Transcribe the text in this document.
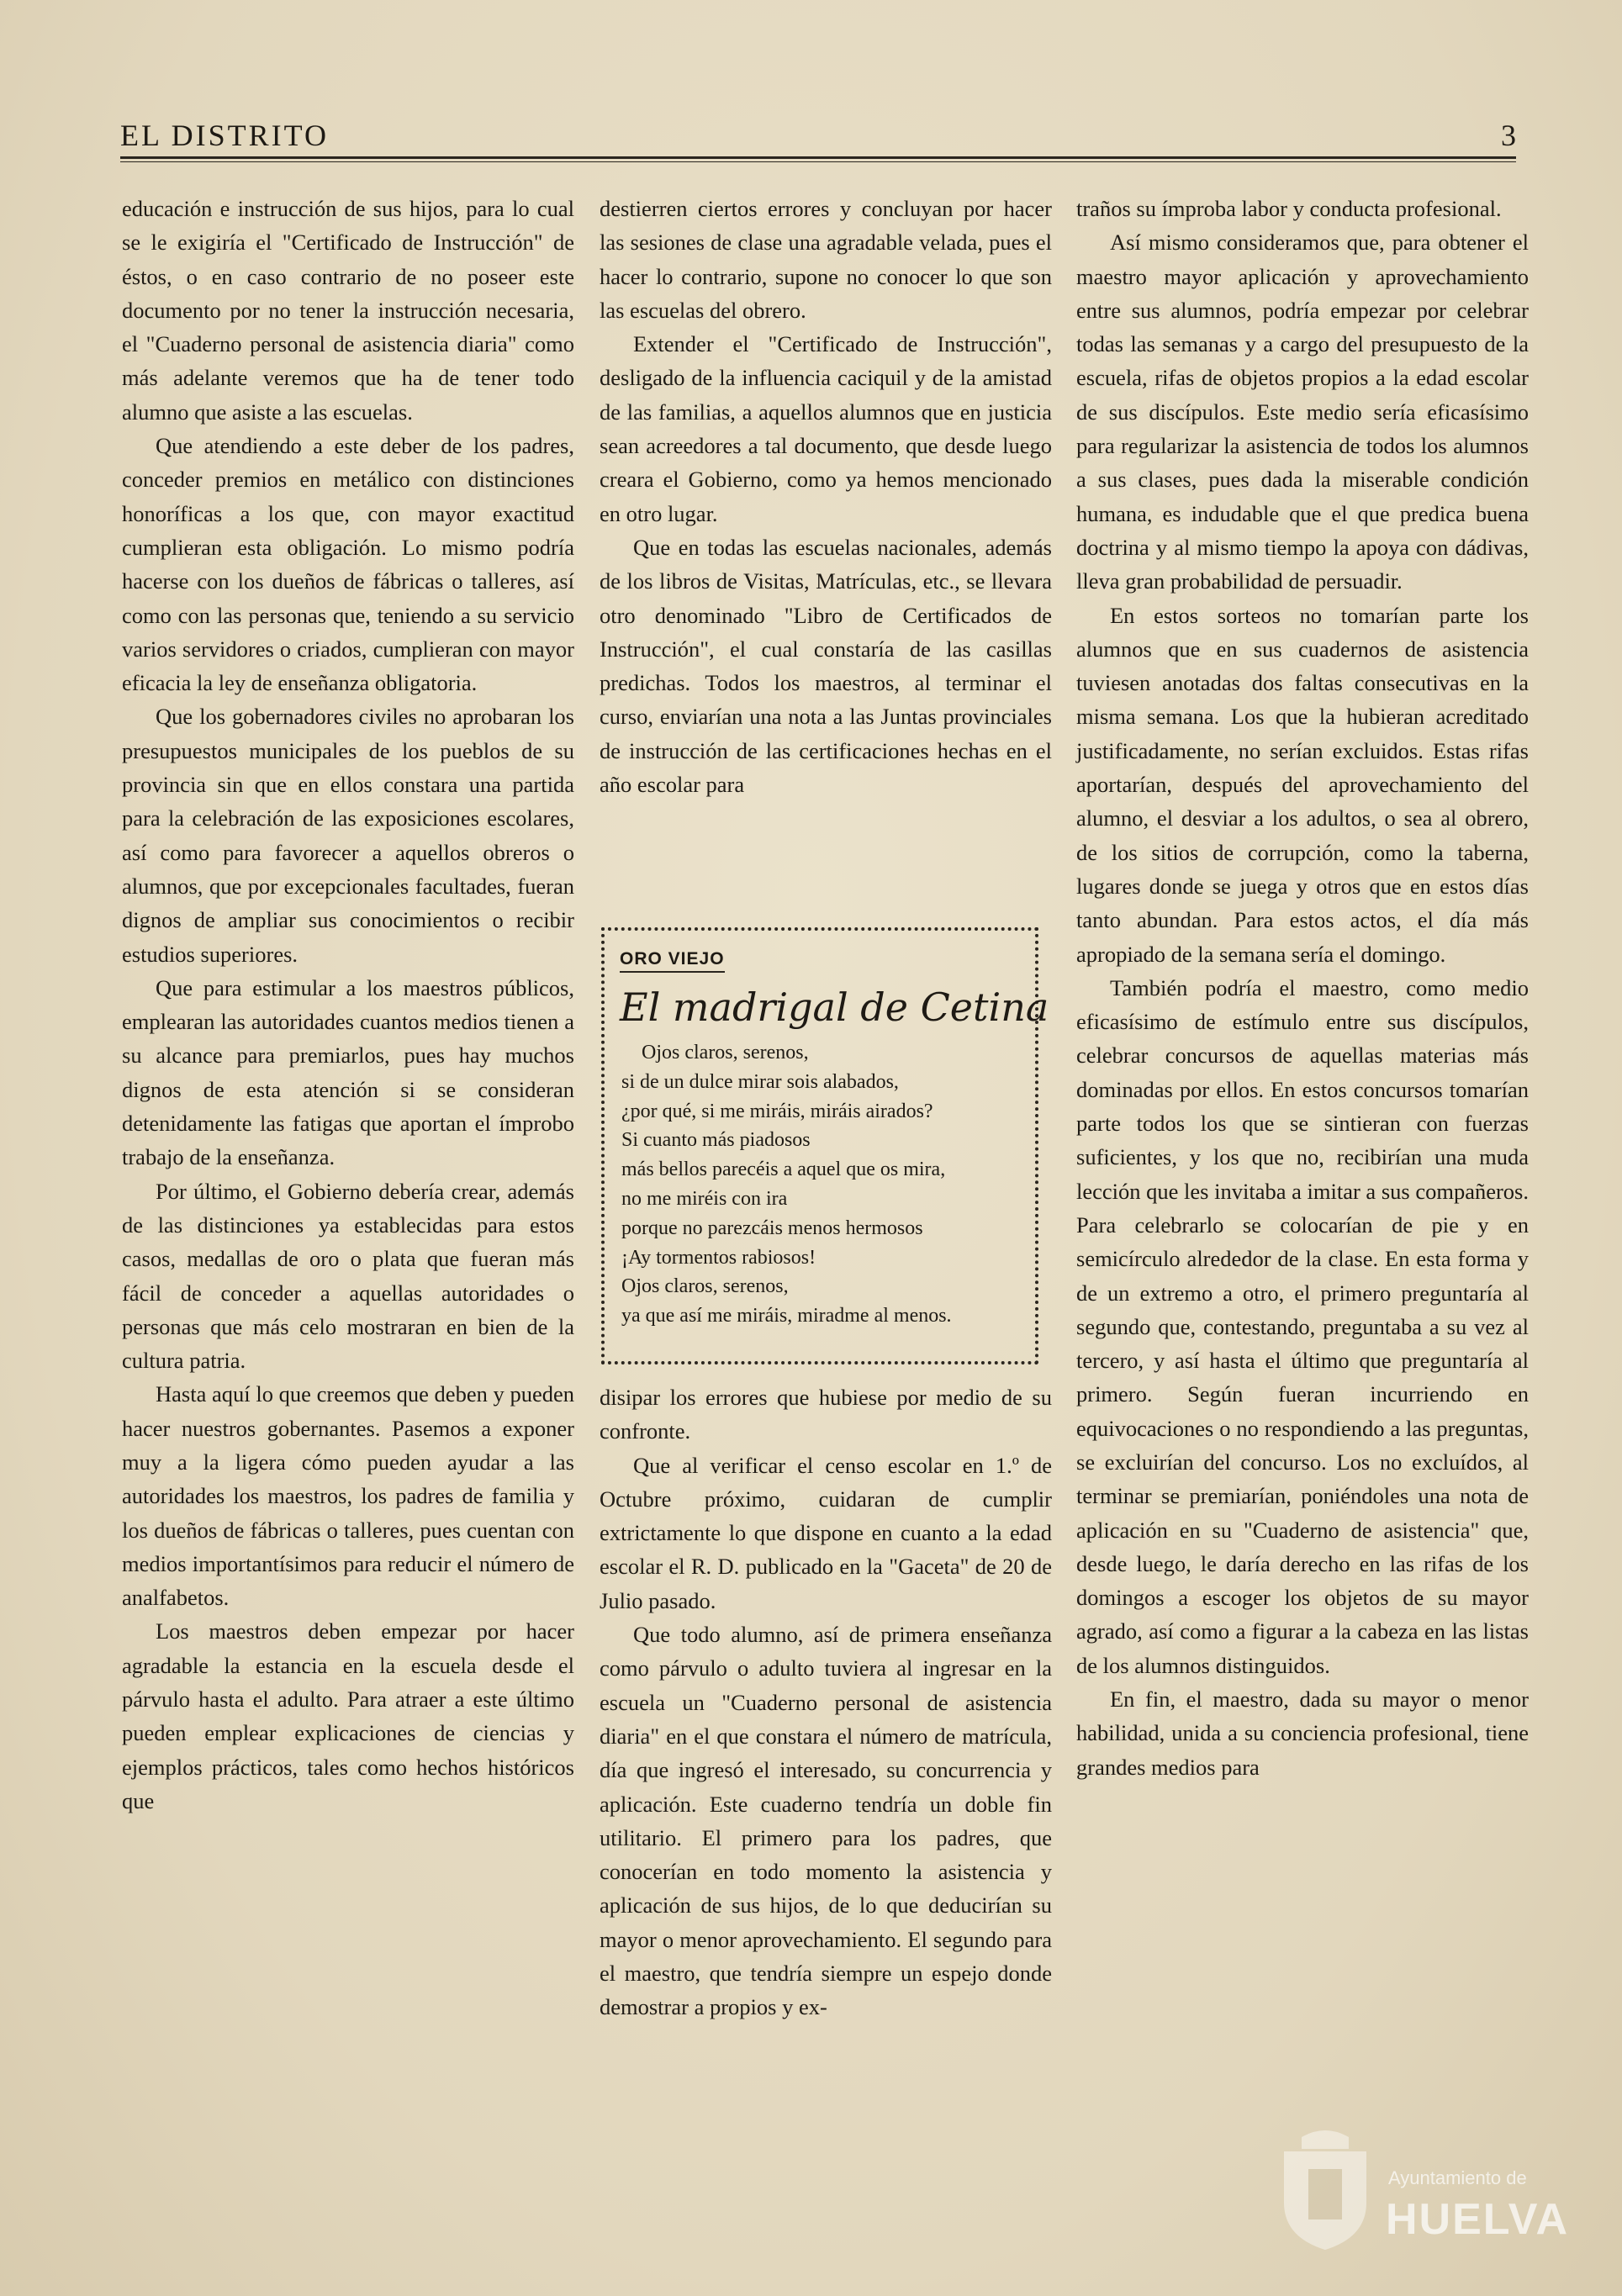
EL DISTRITO	3

educación e instrucción de sus hijos, para lo cual se le exigiría el "Certificado de Instrucción" de éstos, o en caso contrario de no poseer este documento por no tener la instrucción necesaria, el "Cuaderno personal de asistencia diaria" como más adelante veremos que ha de tener todo alumno que asiste a las escuelas.

Que atendiendo a este deber de los padres, conceder premios en metálico con distinciones honoríficas a los que, con mayor exactitud cumplieran esta obligación. Lo mismo podría hacerse con los dueños de fábricas o talleres, así como con las personas que, teniendo a su servicio varios servidores o criados, cumplieran con mayor eficacia la ley de enseñanza obligatoria.

Que los gobernadores civiles no aprobaran los presupuestos municipales de los pueblos de su provincia sin que en ellos constara una partida para la celebración de las exposiciones escolares, así como para favorecer a aquellos obreros o alumnos, que por excepcionales facultades, fueran dignos de ampliar sus conocimientos o recibir estudios superiores.

Que para estimular a los maestros públicos, emplearan las autoridades cuantos medios tienen a su alcance para premiarlos, pues hay muchos dignos de esta atención si se consideran detenidamente las fatigas que aportan el ímprobo trabajo de la enseñanza.

Por último, el Gobierno debería crear, además de las distinciones ya establecidas para estos casos, medallas de oro o plata que fueran más fácil de conceder a aquellas autoridades o personas que más celo mostraran en bien de la cultura patria.

Hasta aquí lo que creemos que deben y pueden hacer nuestros gobernantes. Pasemos a exponer muy a la ligera cómo pueden ayudar a las autoridades los maestros, los padres de familia y los dueños de fábricas o talleres, pues cuentan con medios importantísimos para reducir el número de analfabetos.

Los maestros deben empezar por hacer agradable la estancia en la escuela desde el párvulo hasta el adulto. Para atraer a este último pueden emplear explicaciones de ciencias y ejemplos prácticos, tales como hechos históricos que

destierren ciertos errores y concluyan por hacer las sesiones de clase una agradable velada, pues el hacer lo contrario, supone no conocer lo que son las escuelas del obrero.

Extender el "Certificado de Instrucción", desligado de la influencia caciquil y de la amistad de las familias, a aquellos alumnos que en justicia sean acreedores a tal documento, que desde luego creara el Gobierno, como ya hemos mencionado en otro lugar.

Que en todas las escuelas nacionales, además de los libros de Visitas, Matrículas, etc., se llevara otro denominado "Libro de Certificados de Instrucción", el cual constaría de las casillas predichas. Todos los maestros, al terminar el curso, enviarían una nota a las Juntas provinciales de instrucción de las certificaciones hechas en el año escolar para

ORO VIEJO
El madrigal de Cetina
Ojos claros, serenos,
si de un dulce mirar sois alabados,
¿por qué, si me miráis, miráis airados?
Si cuanto más piadosos
más bellos parecéis a aquel que os mira,
no me miréis con ira
porque no parezcáis menos hermosos
¡Ay tormentos rabiosos!
Ojos claros, serenos,
ya que así me miráis, miradme al menos.

disipar los errores que hubiese por medio de su confronte.

Que al verificar el censo escolar en 1.º de Octubre próximo, cuidaran de cumplir extrictamente lo que dispone en cuanto a la edad escolar el R. D. publicado en la "Gaceta" de 20 de Julio pasado.

Que todo alumno, así de primera enseñanza como párvulo o adulto tuviera al ingresar en la escuela un "Cuaderno personal de asistencia diaria" en el que constara el número de matrícula, día que ingresó el interesado, su concurrencia y aplicación. Este cuaderno tendría un doble fin utilitario. El primero para los padres, que conocerían en todo momento la asistencia y aplicación de sus hijos, de lo que deducirían su mayor o menor aprovechamiento. El segundo para el maestro, que tendría siempre un espejo donde demostrar a propios y ex-

traños su ímproba labor y conducta profesional.

Así mismo consideramos que, para obtener el maestro mayor aplicación y aprovechamiento entre sus alumnos, podría empezar por celebrar todas las semanas y a cargo del presupuesto de la escuela, rifas de objetos propios a la edad escolar de sus discípulos. Este medio sería eficasísimo para regularizar la asistencia de todos los alumnos a sus clases, pues dada la miserable condición humana, es indudable que el que predica buena doctrina y al mismo tiempo la apoya con dádivas, lleva gran probabilidad de persuadir.

En estos sorteos no tomarían parte los alumnos que en sus cuadernos de asistencia tuviesen anotadas dos faltas consecutivas en la misma semana. Los que la hubieran acreditado justificadamente, no serían excluidos. Estas rifas aportarían, después del aprovechamiento del alumno, el desviar a los adultos, o sea al obrero, de los sitios de corrupción, como la taberna, lugares donde se juega y otros que en estos días tanto abundan. Para estos actos, el día más apropiado de la semana sería el domingo.

También podría el maestro, como medio eficasísimo de estímulo entre sus discípulos, celebrar concursos de aquellas materias más dominadas por ellos. En estos concursos tomarían parte todos los que se sintieran con fuerzas suficientes, y los que no, recibirían una muda lección que les invitaba a imitar a sus compañeros. Para celebrarlo se colocarían de pie y en semicírculo alrededor de la clase. En esta forma y de un extremo a otro, el primero preguntaría al segundo que, contestando, preguntaba a su vez al tercero, y así hasta el último que preguntaría al primero. Según fueran incurriendo en equivocaciones o no respondiendo a las preguntas, se excluirían del concurso. Los no excluídos, al terminar se premiarían, poniéndoles una nota de aplicación en su "Cuaderno de asistencia" que, desde luego, le daría derecho en las rifas de los domingos a escoger los objetos de su mayor agrado, así como a figurar a la cabeza en las listas de los alumnos distinguidos.

En fin, el maestro, dada su mayor o menor habilidad, unida a su conciencia profesional, tiene grandes medios para

Ayuntamiento de
HUELVA
